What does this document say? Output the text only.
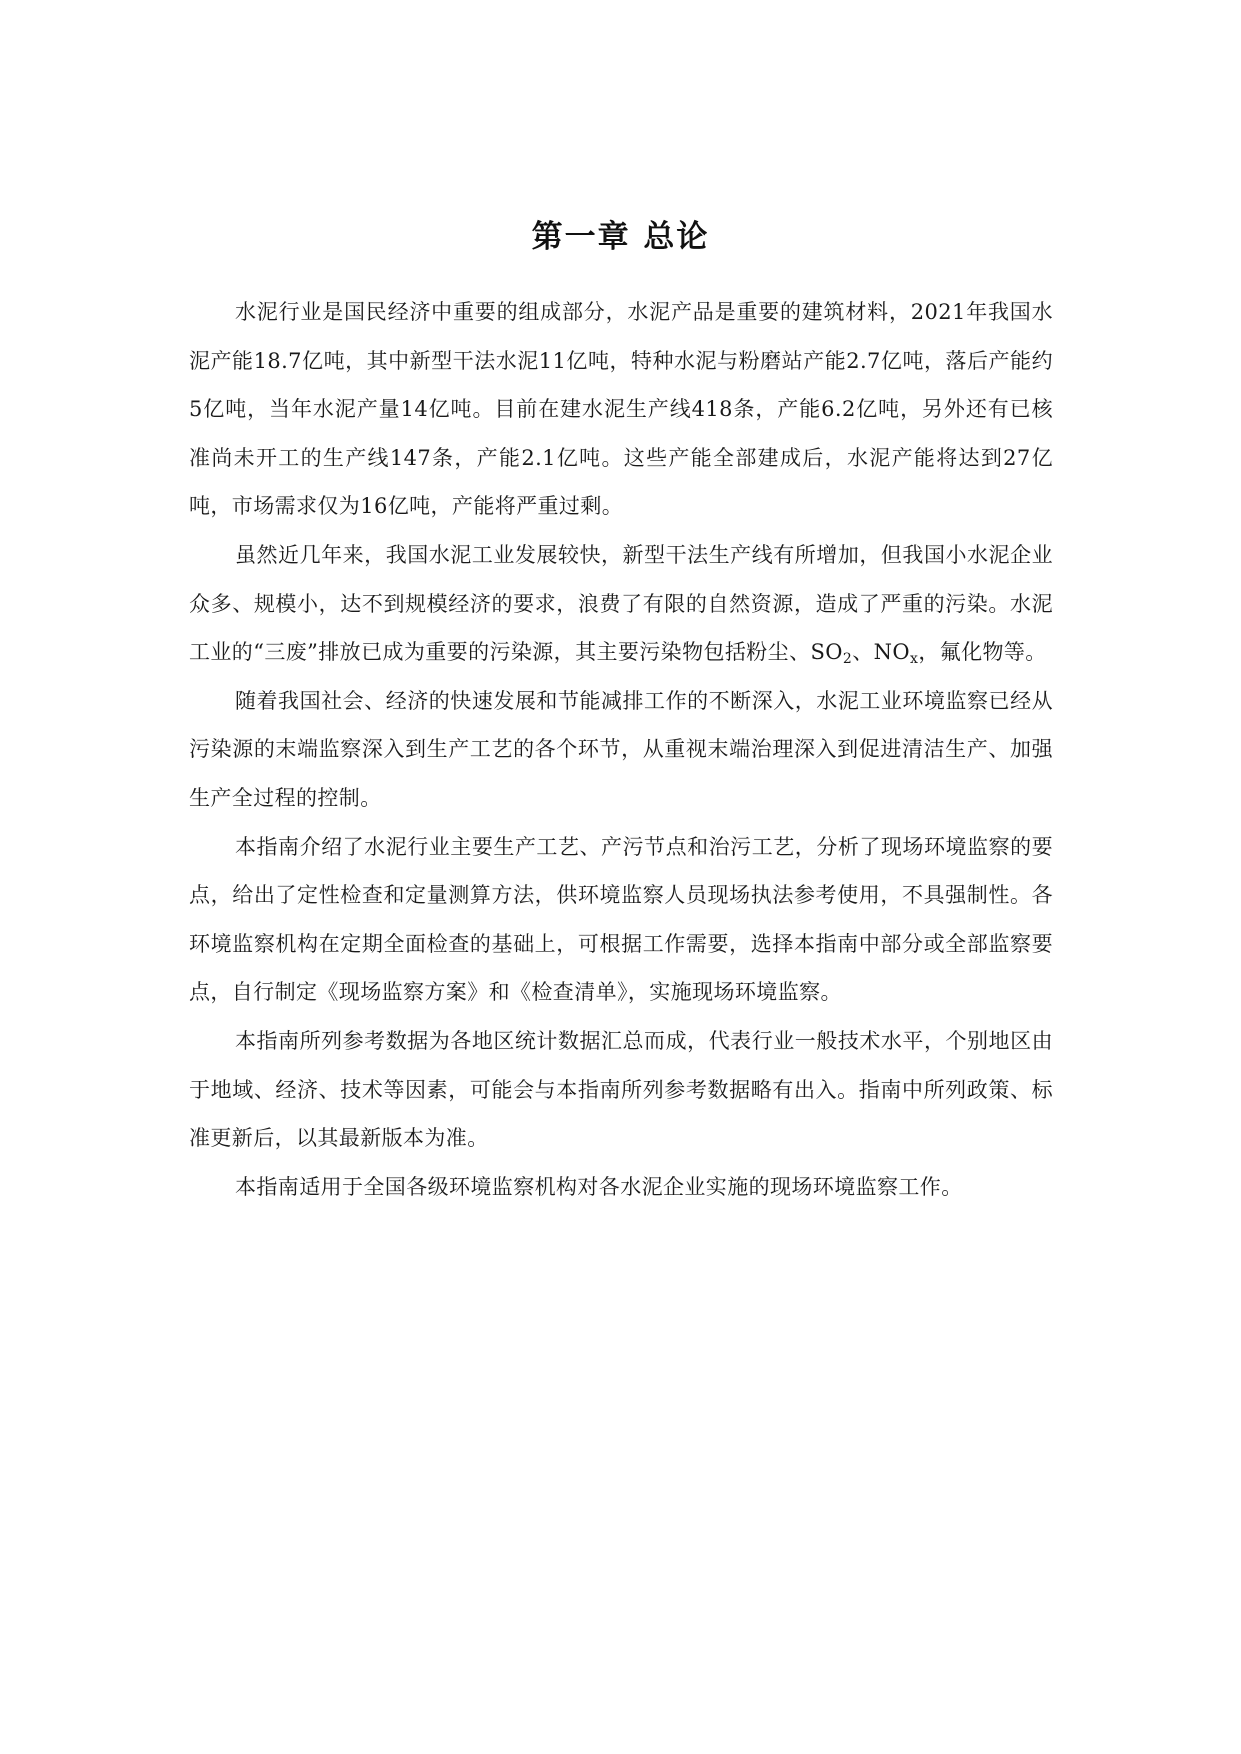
第一章 总论

水泥行业是国民经济中重要的组成部分，水泥产品是重要的建筑材料，2021年我国水泥产能18.7亿吨，其中新型干法水泥11亿吨，特种水泥与粉磨站产能2.7亿吨，落后产能约5亿吨，当年水泥产量14亿吨。目前在建水泥生产线418条，产能6.2亿吨，另外还有已核准尚未开工的生产线147条，产能2.1亿吨。这些产能全部建成后，水泥产能将达到27亿吨，市场需求仅为16亿吨，产能将严重过剩。

虽然近几年来，我国水泥工业发展较快，新型干法生产线有所增加，但我国小水泥企业众多、规模小，达不到规模经济的要求，浪费了有限的自然资源，造成了严重的污染。水泥工业的“三废”排放已成为重要的污染源，其主要污染物包括粉尘、$SO_2$、$NO_x$，氟化物等。

随着我国社会、经济的快速发展和节能减排工作的不断深入，水泥工业环境监察已经从污染源的末端监察深入到生产工艺的各个环节，从重视末端治理深入到促进清洁生产、加强生产全过程的控制。

本指南介绍了水泥行业主要生产工艺、产污节点和治污工艺，分析了现场环境监察的要点，给出了定性检查和定量测算方法，供环境监察人员现场执法参考使用，不具强制性。各环境监察机构在定期全面检查的基础上，可根据工作需要，选择本指南中部分或全部监察要点，自行制定《现场监察方案》和《检查清单》，实施现场环境监察。

本指南所列参考数据为各地区统计数据汇总而成，代表行业一般技术水平，个别地区由于地域、经济、技术等因素，可能会与本指南所列参考数据略有出入。指南中所列政策、标准更新后，以其最新版本为准。

本指南适用于全国各级环境监察机构对各水泥企业实施的现场环境监察工作。
